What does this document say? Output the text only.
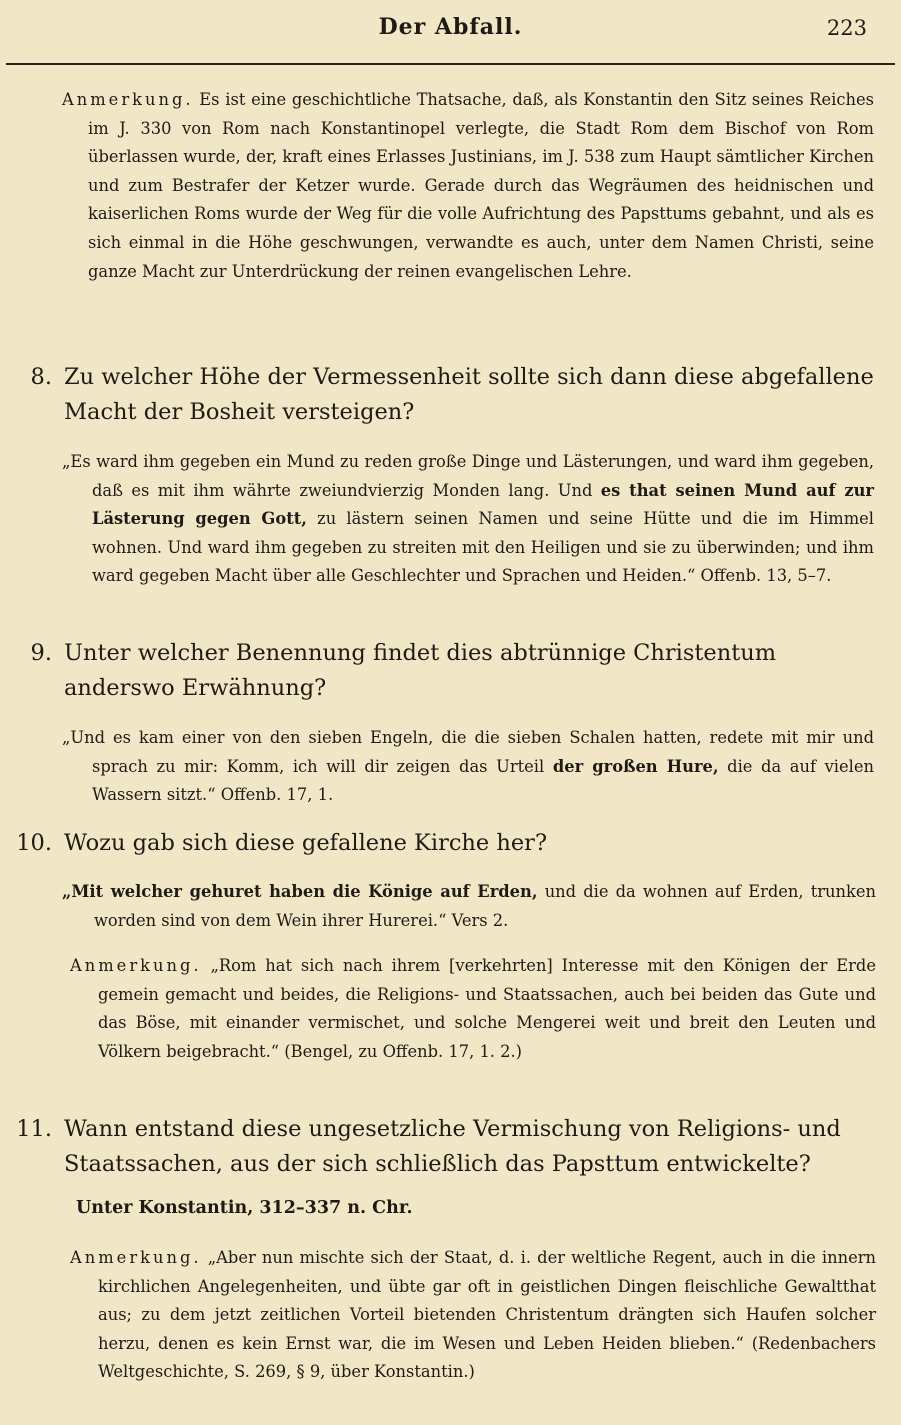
Der Abfall.	223
Anmerkung. Es ist eine geschichtliche Thatsache, daß, als Konstantin den Sitz seines Reiches im J. 330 von Rom nach Konstantinopel verlegte, die Stadt Rom dem Bischof von Rom überlassen wurde, der, kraft eines Erlasses Justinians, im J. 538 zum Haupt sämtlicher Kirchen und zum Bestrafer der Ketzer wurde. Gerade durch das Wegräumen des heidnischen und kaiserlichen Roms wurde der Weg für die volle Aufrichtung des Papsttums gebahnt, und als es sich einmal in die Höhe geschwungen, verwandte es auch, unter dem Namen Christi, seine ganze Macht zur Unterdrückung der reinen evangelischen Lehre.
8. Zu welcher Höhe der Vermessenheit sollte sich dann diese abgefallene Macht der Bosheit versteigen?
„Es ward ihm gegeben ein Mund zu reden große Dinge und Lästerungen, und ward ihm gegeben, daß es mit ihm währte zweiundvierzig Monden lang. Und es that seinen Mund auf zur Lästerung gegen Gott, zu lästern seinen Namen und seine Hütte und die im Himmel wohnen. Und ward ihm gegeben zu streiten mit den Heiligen und sie zu überwinden; und ihm ward gegeben Macht über alle Geschlechter und Sprachen und Heiden.“ Offenb. 13, 5–7.
9. Unter welcher Benennung findet dies abtrünnige Christentum anderswo Erwähnung?
„Und es kam einer von den sieben Engeln, die die sieben Schalen hatten, redete mit mir und sprach zu mir: Komm, ich will dir zeigen das Urteil der großen Hure, die da auf vielen Wassern sitzt.“ Offenb. 17, 1.
10. Wozu gab sich diese gefallene Kirche her?
„Mit welcher gehuret haben die Könige auf Erden, und die da wohnen auf Erden, trunken worden sind von dem Wein ihrer Hurerei.“ Vers 2.
Anmerkung. „Rom hat sich nach ihrem [verkehrten] Interesse mit den Königen der Erde gemein gemacht und beides, die Religions- und Staatssachen, auch bei beiden das Gute und das Böse, mit einander vermischet, und solche Mengerei weit und breit den Leuten und Völkern beigebracht.“ (Bengel, zu Offenb. 17, 1. 2.)
11. Wann entstand diese ungesetzliche Vermischung von Religions- und Staatssachen, aus der sich schließlich das Papsttum entwickelte?
Unter Konstantin, 312–337 n. Chr.
Anmerkung. „Aber nun mischte sich der Staat, d. i. der weltliche Regent, auch in die innern kirchlichen Angelegenheiten, und übte gar oft in geistlichen Dingen fleischliche Gewaltthat aus; zu dem jetzt zeitlichen Vorteil bietenden Christentum drängten sich Haufen solcher herzu, denen es kein Ernst war, die im Wesen und Leben Heiden blieben.“ (Redenbachers Weltgeschichte, S. 269, § 9, über Konstantin.)
